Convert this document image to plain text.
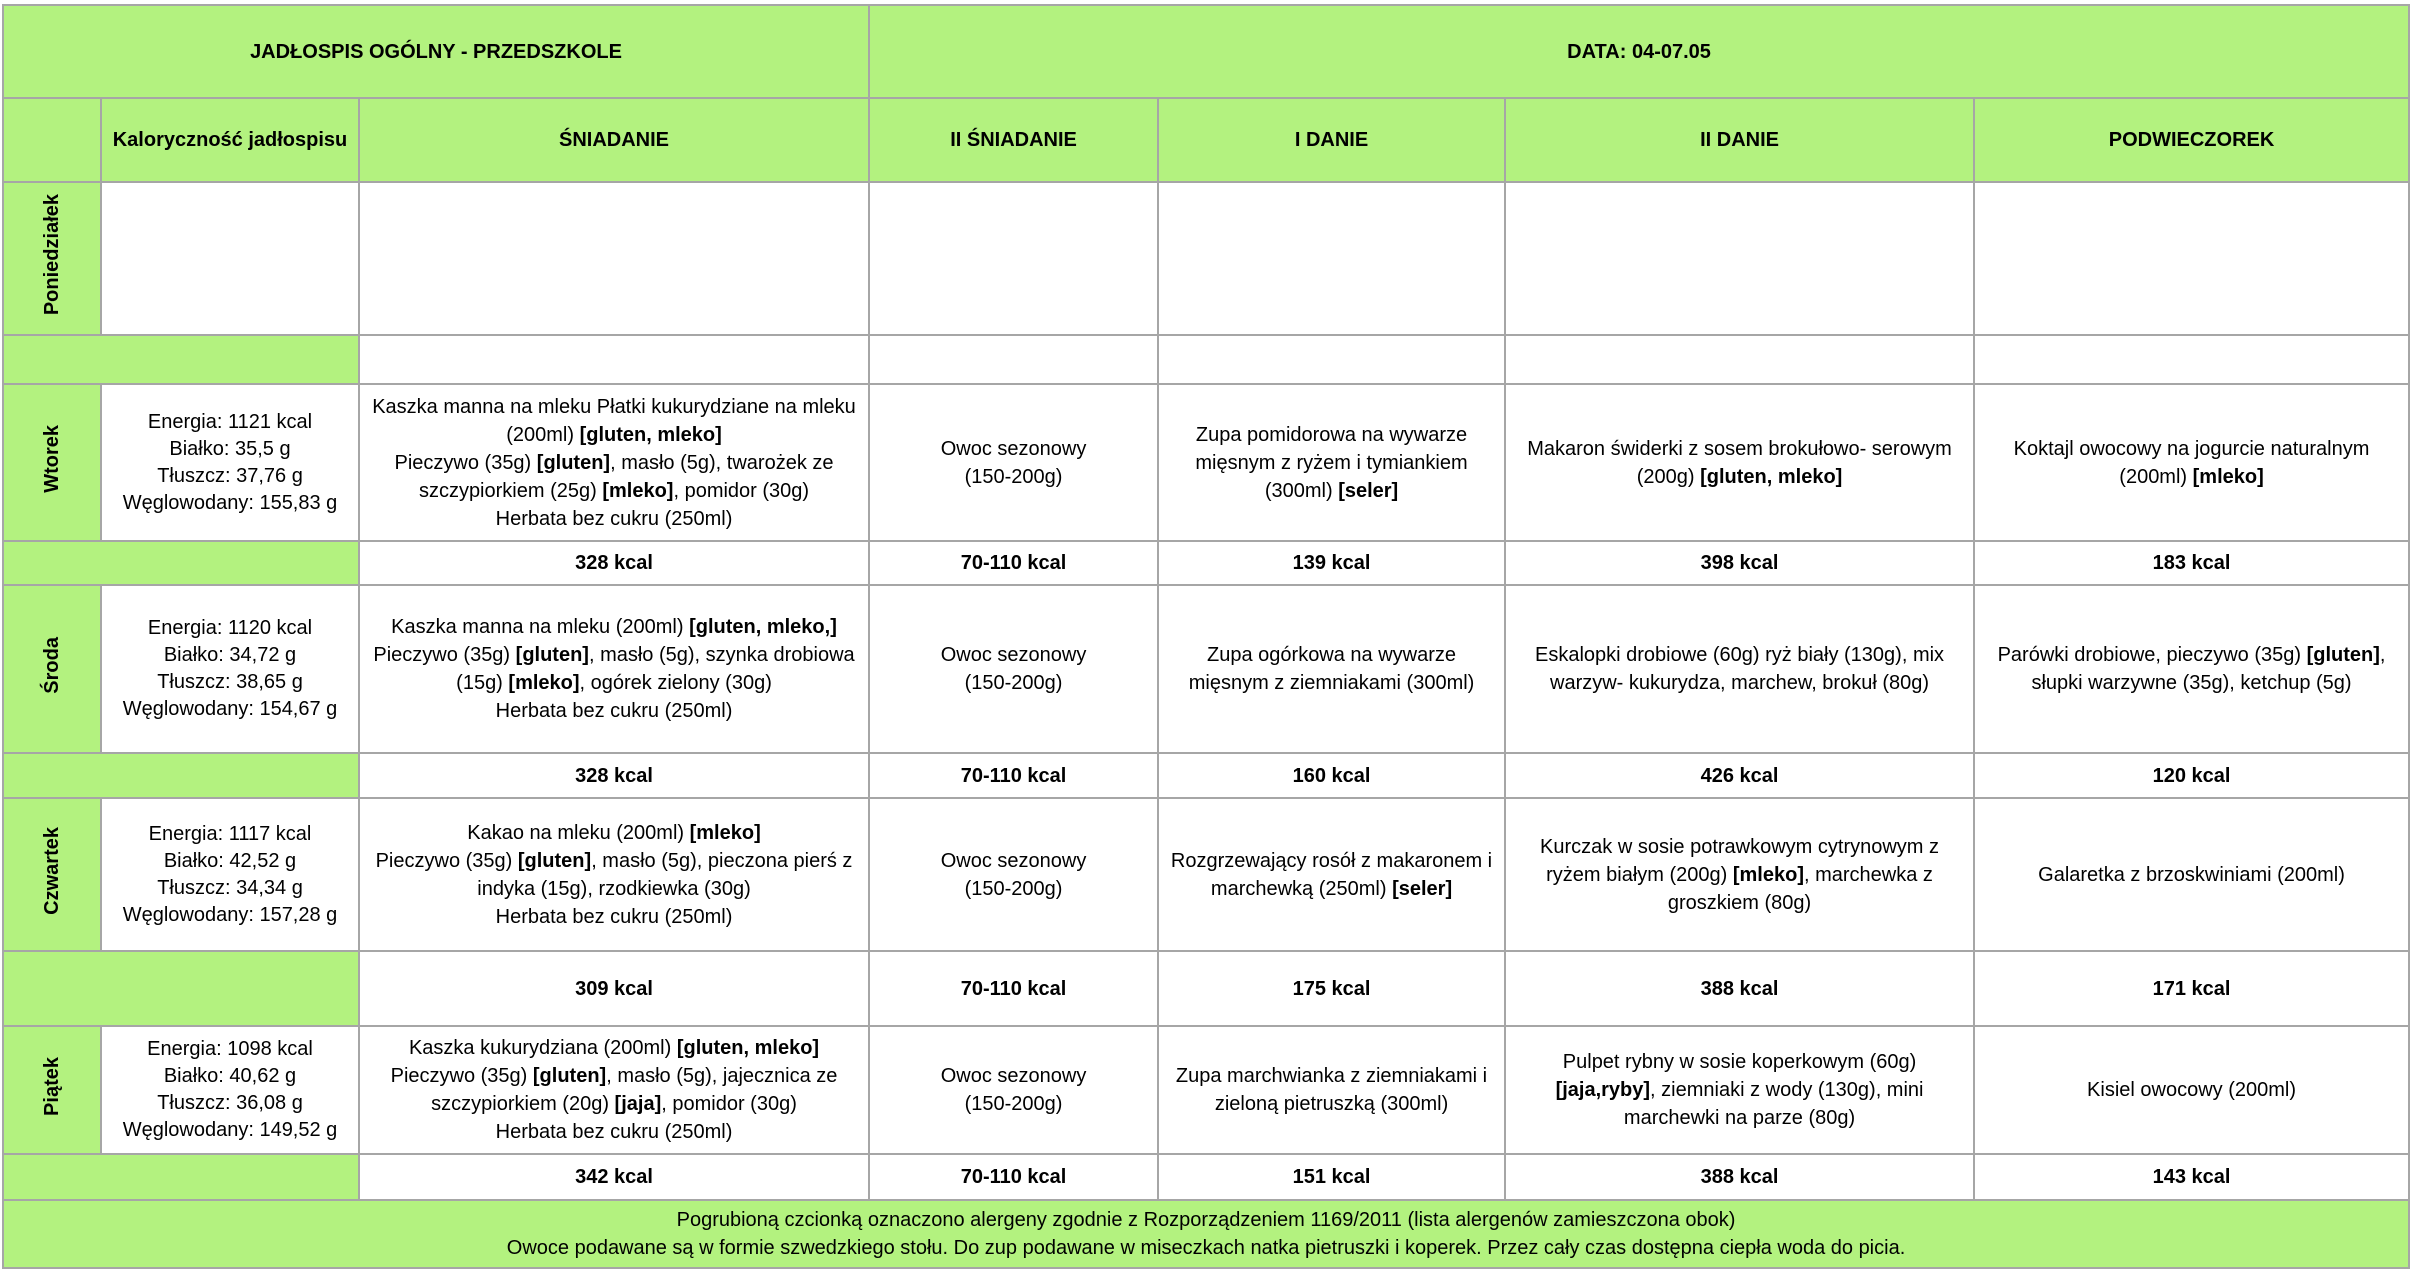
JADŁOSPIS OGÓLNY - PRZEDSZKOLE			DATA: 04-07.05			
	Kaloryczność jadłospisu	ŚNIADANIE	II ŚNIADANIE	I DANIE	II DANIE	PODWIECZOREK
Poniedziałek						

Wtorek	Energia: 1121 kcal
Białko: 35,5 g
Tłuszcz: 37,76 g
Węglowodany: 155,83 g	Kaszka manna na mleku Płatki kukurydziane na mleku
(200ml) [gluten, mleko]
Pieczywo (35g) [gluten], masło (5g), twarożek ze
szczypiorkiem (25g) [mleko], pomidor (30g)
Herbata bez cukru (250ml)	Owoc sezonowy
(150-200g)	Zupa pomidorowa na wywarze
mięsnym z ryżem i tymiankiem
(300ml) [seler]	Makaron świderki z sosem brokułowo- serowym
(200g) [gluten, mleko]	Koktajl owocowy na jogurcie naturalnym
(200ml) [mleko]

		328 kcal	70-110 kcal	139 kcal	398 kcal	183 kcal
Środa	Energia: 1120 kcal
Białko: 34,72 g
Tłuszcz: 38,65 g
Węglowodany: 154,67 g	Kaszka manna na mleku (200ml) [gluten, mleko,]
Pieczywo (35g) [gluten], masło (5g), szynka drobiowa
(15g) [mleko], ogórek zielony (30g)
Herbata bez cukru (250ml)	Owoc sezonowy
(150-200g)	Zupa ogórkowa na wywarze
mięsnym z ziemniakami (300ml)	Eskalopki drobiowe (60g) ryż biały (130g), mix
warzyw- kukurydza, marchew, brokuł (80g)	Parówki drobiowe, pieczywo (35g) [gluten],
słupki warzywne (35g), ketchup (5g)

		328 kcal	70-110 kcal	160 kcal	426 kcal	120 kcal
Czwartek	Energia: 1117 kcal
Białko: 42,52 g
Tłuszcz: 34,34 g
Węglowodany: 157,28 g	Kakao na mleku (200ml) [mleko]
Pieczywo (35g) [gluten], masło (5g), pieczona pierś z
indyka (15g), rzodkiewka (30g)
Herbata bez cukru (250ml)	Owoc sezonowy
(150-200g)	Rozgrzewający rosół z makaronem i
marchewką (250ml) [seler]	Kurczak w sosie potrawkowym cytrynowym z
ryżem białym (200g) [mleko], marchewka z
groszkiem (80g)	Galaretka z brzoskwiniami (200ml)

		309 kcal	70-110 kcal	175 kcal	388 kcal	171 kcal
Piątek	Energia: 1098 kcal
Białko: 40,62 g
Tłuszcz: 36,08 g
Węglowodany: 149,52 g	Kaszka kukurydziana (200ml) [gluten, mleko]
Pieczywo (35g) [gluten], masło (5g), jajecznica ze
szczypiorkiem (20g) [jaja], pomidor (30g)
Herbata bez cukru (250ml)	Owoc sezonowy
(150-200g)	Zupa marchwianka z ziemniakami i
zieloną pietruszką (300ml)	Pulpet rybny w sosie koperkowym (60g)
[jaja,ryby], ziemniaki z wody (130g), mini
marchewki na parze (80g)	Kisiel owocowy (200ml)

		342 kcal	70-110 kcal	151 kcal	388 kcal	143 kcal

Pogrubioną czcionką oznaczono alergeny zgodnie z Rozporządzeniem 1169/2011 (lista alergenów zamieszczona obok)
Owoce podawane są w formie szwedzkiego stołu. Do zup podawane w miseczkach natka pietruszki i koperek. Przez cały czas dostępna ciepła woda do picia.						
